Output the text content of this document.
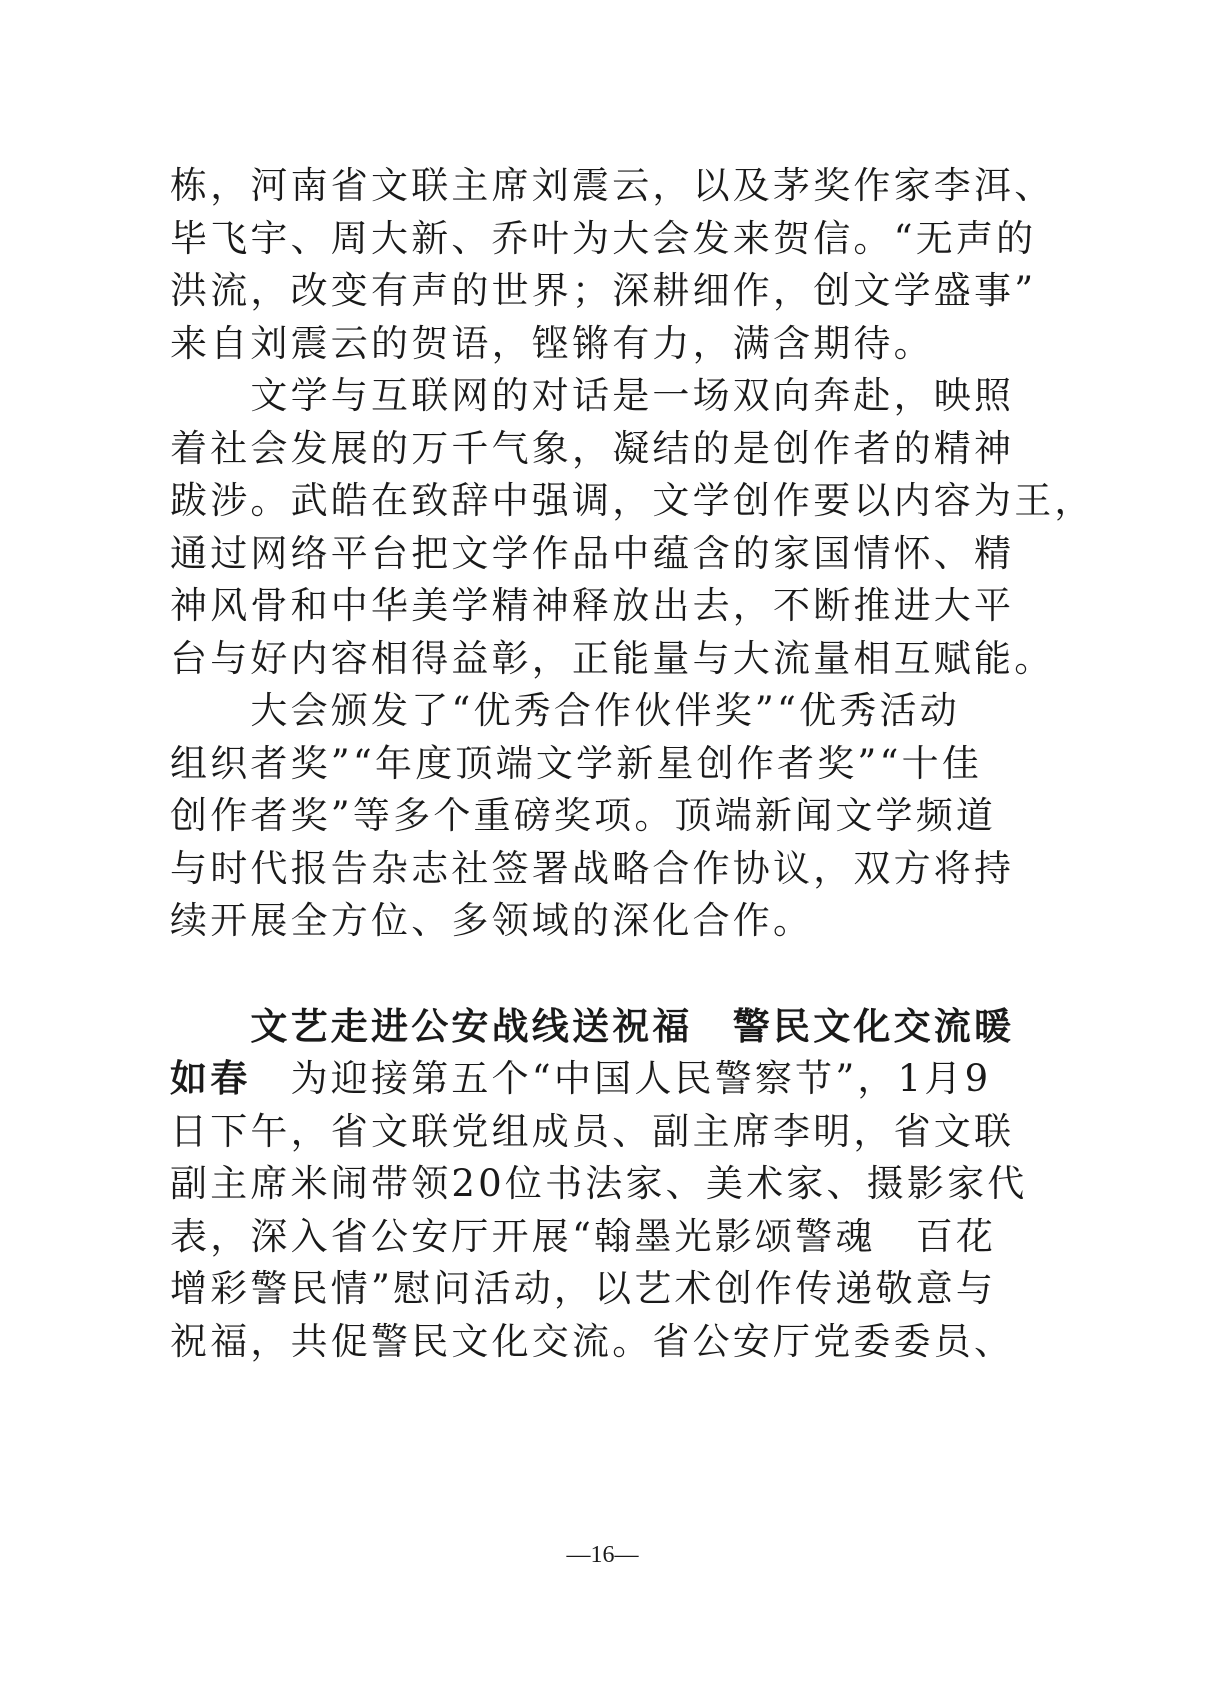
栋，河南省文联主席刘震云，以及茅奖作家李洱、
毕飞宇、周大新、乔叶为大会发来贺信。“无声的
洪流，改变有声的世界；深耕细作，创文学盛事”
来自刘震云的贺语，铿锵有力，满含期待。
　　文学与互联网的对话是一场双向奔赴，映照
着社会发展的万千气象，凝结的是创作者的精神
跋涉。武皓在致辞中强调，文学创作要以内容为王，
通过网络平台把文学作品中蕴含的家国情怀、精
神风骨和中华美学精神释放出去，不断推进大平
台与好内容相得益彰，正能量与大流量相互赋能。
　　大会颁发了“优秀合作伙伴奖”“优秀活动
组织者奖”“年度顶端文学新星创作者奖”“十佳
创作者奖”等多个重磅奖项。顶端新闻文学频道
与时代报告杂志社签署战略合作协议，双方将持
续开展全方位、多领域的深化合作。
　　文艺走进公安战线送祝福　警民文化交流暖
如春　为迎接第五个“中国人民警察节”，1月9
日下午，省文联党组成员、副主席李明，省文联
副主席米闹带领20位书法家、美术家、摄影家代
表，深入省公安厅开展“翰墨光影颂警魂　百花
增彩警民情”慰问活动，以艺术创作传递敬意与
祝福，共促警民文化交流。省公安厅党委委员、
—16—
